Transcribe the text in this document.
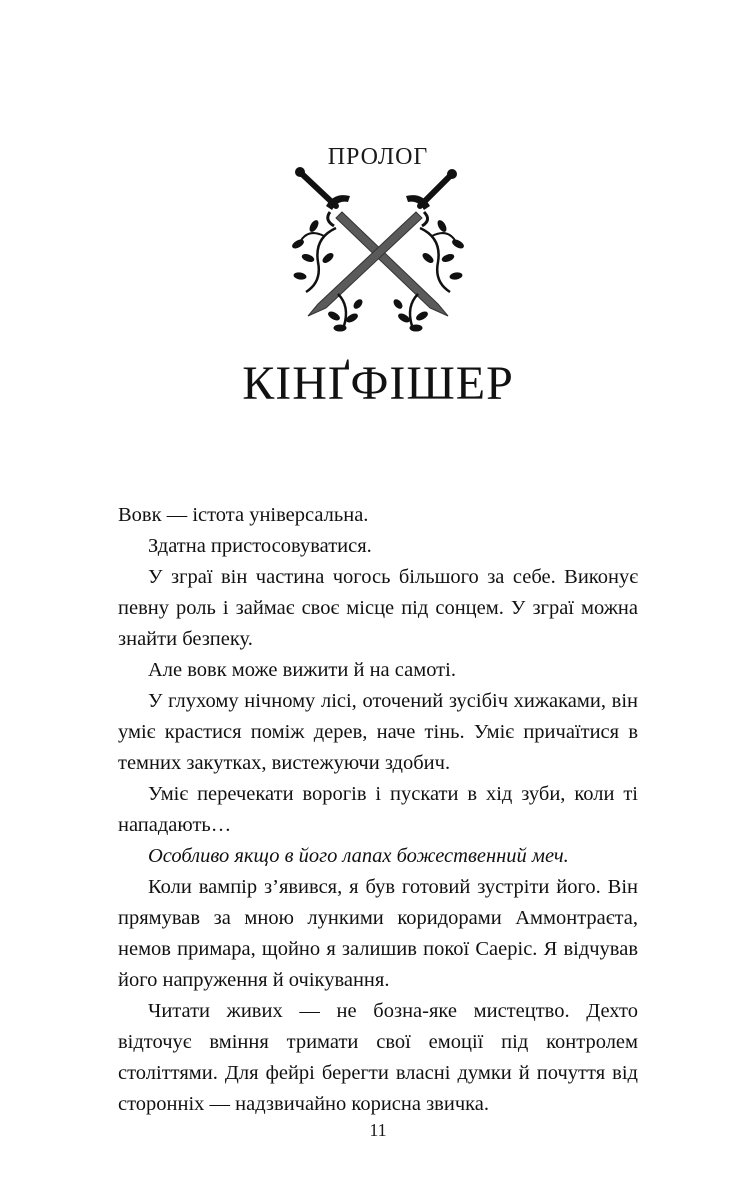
ПРОЛОГ
КІНҐФІШЕР

Вовк — істота універсальна.

Здатна пристосовуватися.

У зграї він частина чогось більшого за себе. Виконує певну роль і займає своє місце під сонцем. У зграї можна знайти безпеку.

Але вовк може вижити й на самоті.

У глухому нічному лісі, оточений зусібіч хижаками, він уміє крастися поміж дерев, наче тінь. Уміє причаїтися в темних закутках, вистежуючи здобич.

Уміє перечекати ворогів і пускати в хід зуби, коли ті нападають…

Особливо якщо в його лапах божественний меч.

Коли вампір з’явився, я був готовий зустріти його. Він прямував за мною лункими коридорами Аммонтраєта, немов примара, щойно я залишив покої Саеріс. Я відчував його напруження й очікування.

Читати живих — не бозна-яке мистецтво. Дехто відточує вміння тримати свої емоції під контролем століттями. Для фейрі берегти власні думки й почуття від сторонніх — надзвичайно корисна звичка.

11
